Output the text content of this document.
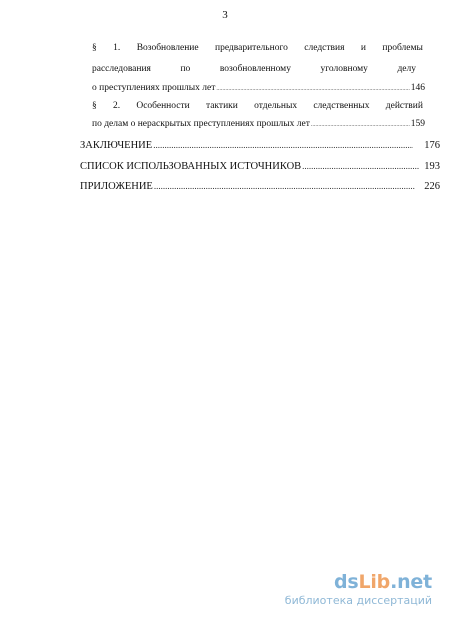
3
§ 1. Возобновление предварительного следствия и проблемы
расследования	по	возобновленному	уголовному	делу
о преступлениях прошлых лет .....	146
§ 2. Особенности тактики отдельных следственных действий
по делам о нераскрытых преступлениях прошлых лет .....	159
ЗАКЛЮЧЕНИЕ .....	176
СПИСОК ИСПОЛЬЗОВАННЫХ ИСТОЧНИКОВ .....	193
ПРИЛОЖЕНИЕ .....	226
dsLib.net
библиотека диссертаций
